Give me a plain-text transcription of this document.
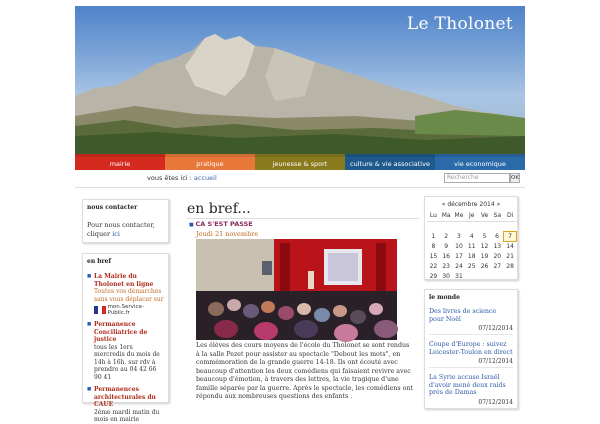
Le Tholonet
mairie	pratique	jeunesse & sport	culture & vie associative	vie economique
vous êtes ici : accueil	Recherche	OK
nous contacter
Pour nous contacter, cliquer ici
en bref
■ La Mairie du Tholonet en ligne
Toutes vos démarches sans vous déplacer sur
mon.Service-Public.fr
■ Permanence Conciliatrice de justice
tous les 1ers mercredis du mois de 14h à 16h. sur rdv à prendre au 04 42 66 90 41
■ Permanences architecturales du CAUE
2ème mardi matin du mois en mairie
en bref...
■ CA S'EST PASSE
Jeudi 21 novembre
Les élèves des cours moyens de l'école du Tholonet se sont rendus à la salle Pezet pour assister au spectacle "Debout les mots", en commémoration de la grande guerre 14-18. Ils ont écouté avec beaucoup d'attention les deux comédiens qui faisaient revivre avec beaucoup d'émotion, à travers des lettres, la vie tragique d'une famille séparée par la guerre. Après le spectacle, les comédiens ont répondu aux nombreuses questions des enfants .
« décembre 2014 »
Lu	Ma	Me	Je	Ve	Sa	Di

1	2	3	4	5	6	7
8	9	10	11	12	13	14
15	16	17	18	19	20	21
22	23	24	25	26	27	28
29	30	31				
le monde
Des livres de science pour Noël
07/12/2014
Coupe d'Europe : suivez Leicester-Toulon en direct
07/12/2014
La Syrie accuse Israël d'avoir mené deux raids près de Damas
07/12/2014
